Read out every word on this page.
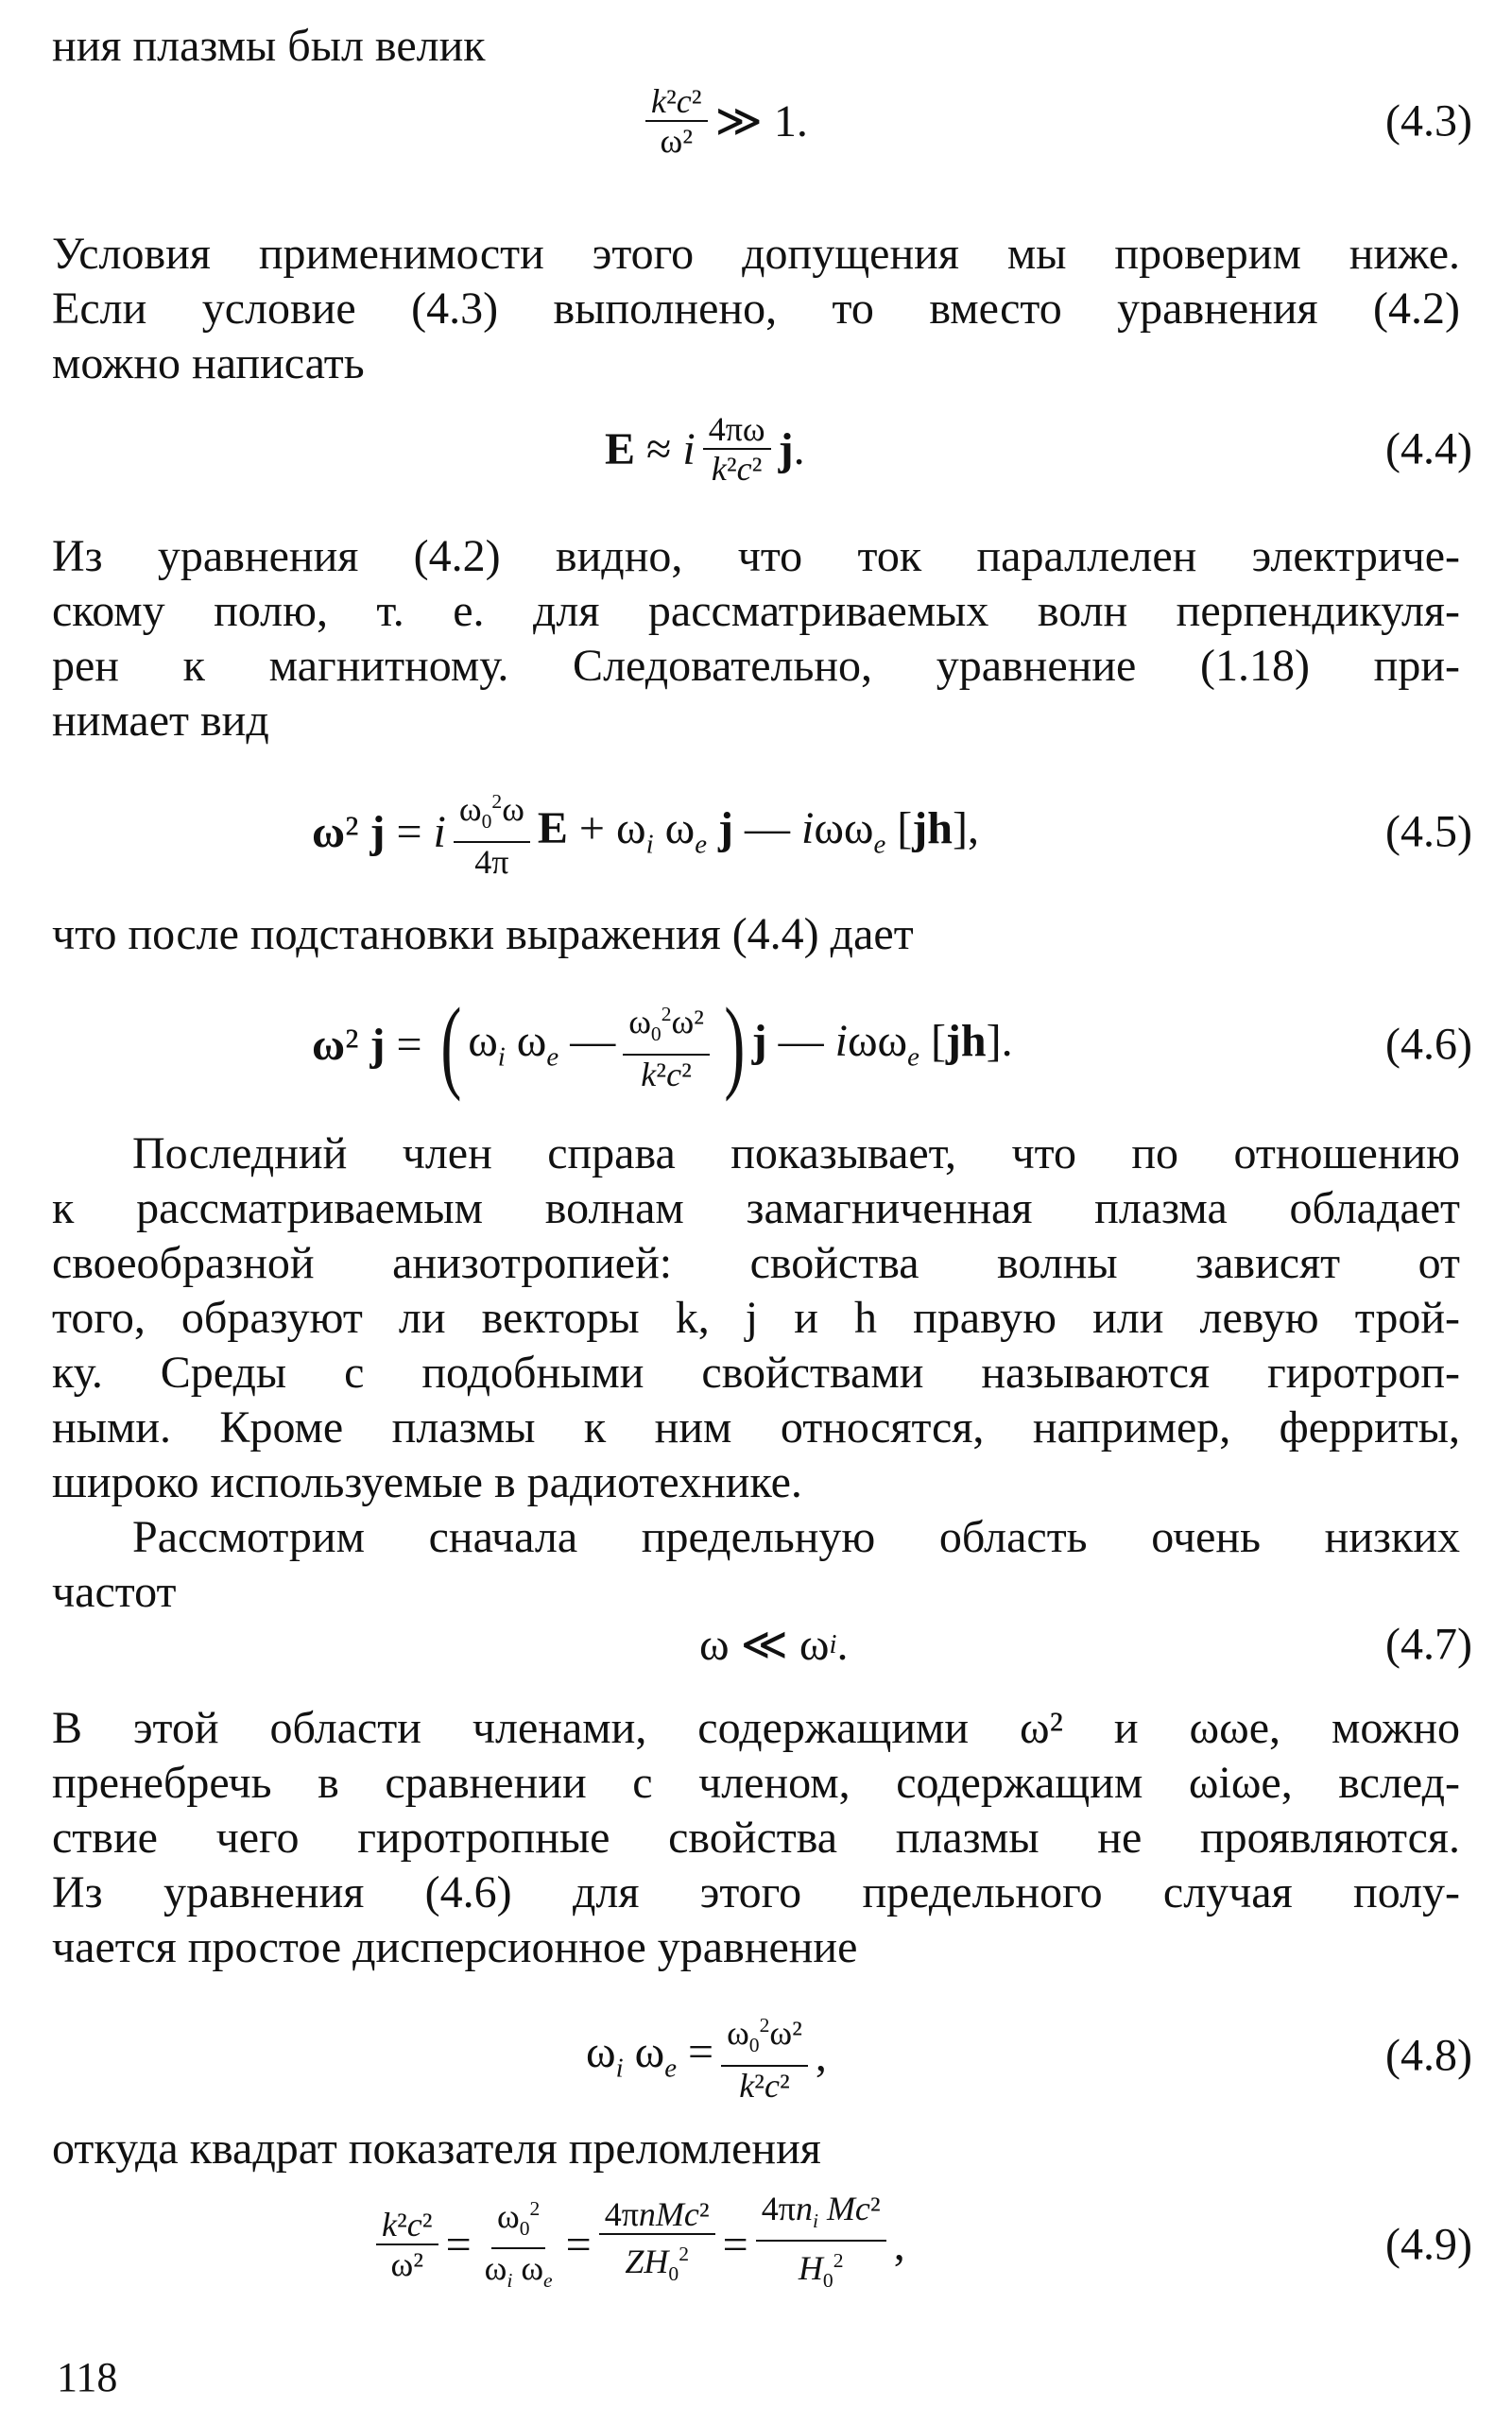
ния плазмы был велик
$\frac{\text{k²c²}}{\text{ω²}}$ ≫ 1.	(4.3)
Условия применимости этого допущения мы проверим ниже.
Если условие (4.3) выполнено, то вместо уравнения (4.2)
можно написать
E ≈ i $\frac{4\pi\omega}{\text{k²c²}}$ j .	(4.4)
Из уравнения (4.2) видно, что ток параллелен электриче-
скому полю, т. е. для рассматриваемых волн перпендикуля-
рен к магнитному. Следовательно, уравнение (1.18) при-
нимает вид
ω² j = i $\frac{\omega_0^2\omega}{4\pi}$ $E + \omega_i$ $\omega_e$ j — iωω$_e$ [jh],	(4.5)
что после подстановки выражения (4.4) дает
ω² j = ( $\omega_i$ $\omega_e$ — $\frac{\omega_0^2\omega^2}{\text{k²c²}}$ ) j — iωω$_e$ [jh].	(4.6)
Последний член справа показывает, что по отношению
к рассматриваемым волнам замагниченная плазма обладает
своеобразной анизотропией: свойства волны зависят от
того, образуют ли векторы k, j и h правую или левую трой-
ку. Среды с подобными свойствами называются гиротроп-
ными. Кроме плазмы к ним относятся, например, ферриты,
широко используемые в радиотехнике.
Рассмотрим сначала предельную область очень низких
частот
ω ≪ ω i .	(4.7)
В этой области членами, содержащими ω² и ωωe, можно
пренебречь в сравнении с членом, содержащим ωiωe, вслед-
ствие чего гиротропные свойства плазмы не проявляются.
Из уравнения (4.6) для этого предельного случая полу-
чается простое дисперсионное уравнение
$\omega_i$ $\omega_e = \frac{\omega_0^2\omega^2}{\text{k²c²}}$ ,	(4.8)
откуда квадрат показателя преломления
$\frac{\text{k²c²}}{\text{ω²}} = \frac{\omega_0^2}{\omega_i \omega_e} = \frac{\text{4πnMc²}}{ZH_0^2} = \frac{4\pi n_i Mc^2}{H_0^2}$ ,	(4.9)
118
